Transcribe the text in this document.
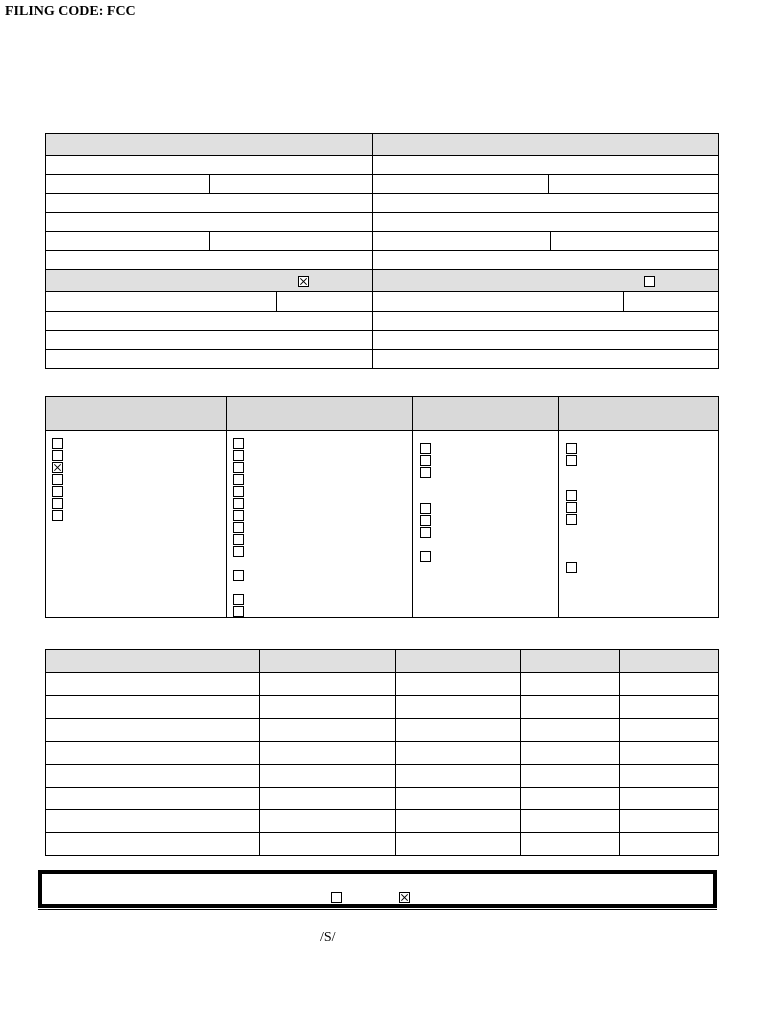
FILING CODE: FCC

/S/
